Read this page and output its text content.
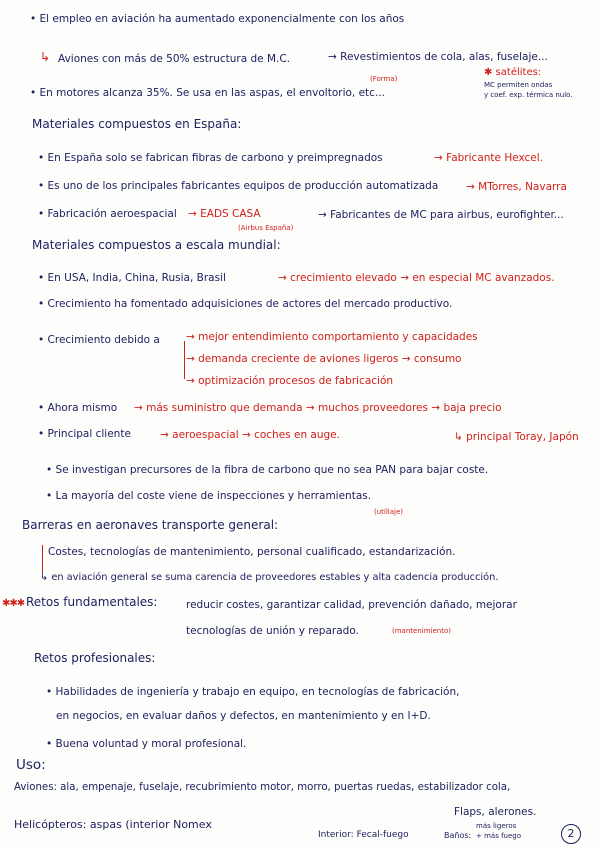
• El empleo en aviación ha aumentado exponencialmente con los años
↳ Aviones con más de 50% estructura de M.C.	→ Revestimientos de cola, alas, fuselaje...
✱ satélites:
MC permiten ondas
y coef. exp. térmica nulo.
(Forma)
• En motores alcanza 35%. Se usa en las aspas, el envoltorio, etc...
Materiales compuestos en España:
• En España solo se fabrican fibras de carbono y preimpregnados	→ Fabricante Hexcel.
• Es uno de los principales fabricantes equipos de producción automatizada	→ MTorres, Navarra
• Fabricación aeroespacial → EADS CASA	→ Fabricantes de MC para airbus, eurofighter...
(Airbus España)
Materiales compuestos a escala mundial:
• En USA, India, China, Rusia, Brasil	→ crecimiento elevado → en especial MC avanzados.
• Crecimiento ha fomentado adquisiciones de actores del mercado productivo.
• Crecimiento debido a → mejor entendimiento comportamiento y capacidades
→ demanda creciente de aviones ligeros → consumo
→ optimización procesos de fabricación
• Ahora mismo → más suministro que demanda → muchos proveedores → baja precio
• Principal cliente	→ aeroespacial → coches en auge.	↳ principal Toray, Japón
• Se investigan precursores de la fibra de carbono que no sea PAN para bajar coste.
• La mayoría del coste viene de inspecciones y herramientas.
(utillaje)
Barreras en aeronaves transporte general:
Costes, tecnologías de mantenimiento, personal cualificado, estandarización.
↳ en aviación general se suma carencia de proveedores estables y alta cadencia producción.
✱✱✱ Retos fundamentales:	reducir costes, garantizar calidad, prevención dañado, mejorar
tecnologías de unión y reparado.	(mantenimiento)
Retos profesionales:
• Habilidades de ingeniería y trabajo en equipo, en tecnologías de fabricación,
en negocios, en evaluar daños y defectos, en mantenimiento y en I+D.
• Buena voluntad y moral profesional.
Uso:
Aviones: ala, empenaje, fuselaje, recubrimiento motor, morro, puertas ruedas, estabilizador cola,
Flaps, alerones.
Helicópteros: aspas (interior Nomex
Interior: Fecal-fuego	Baños:
más ligeros
+ más fuego	2
